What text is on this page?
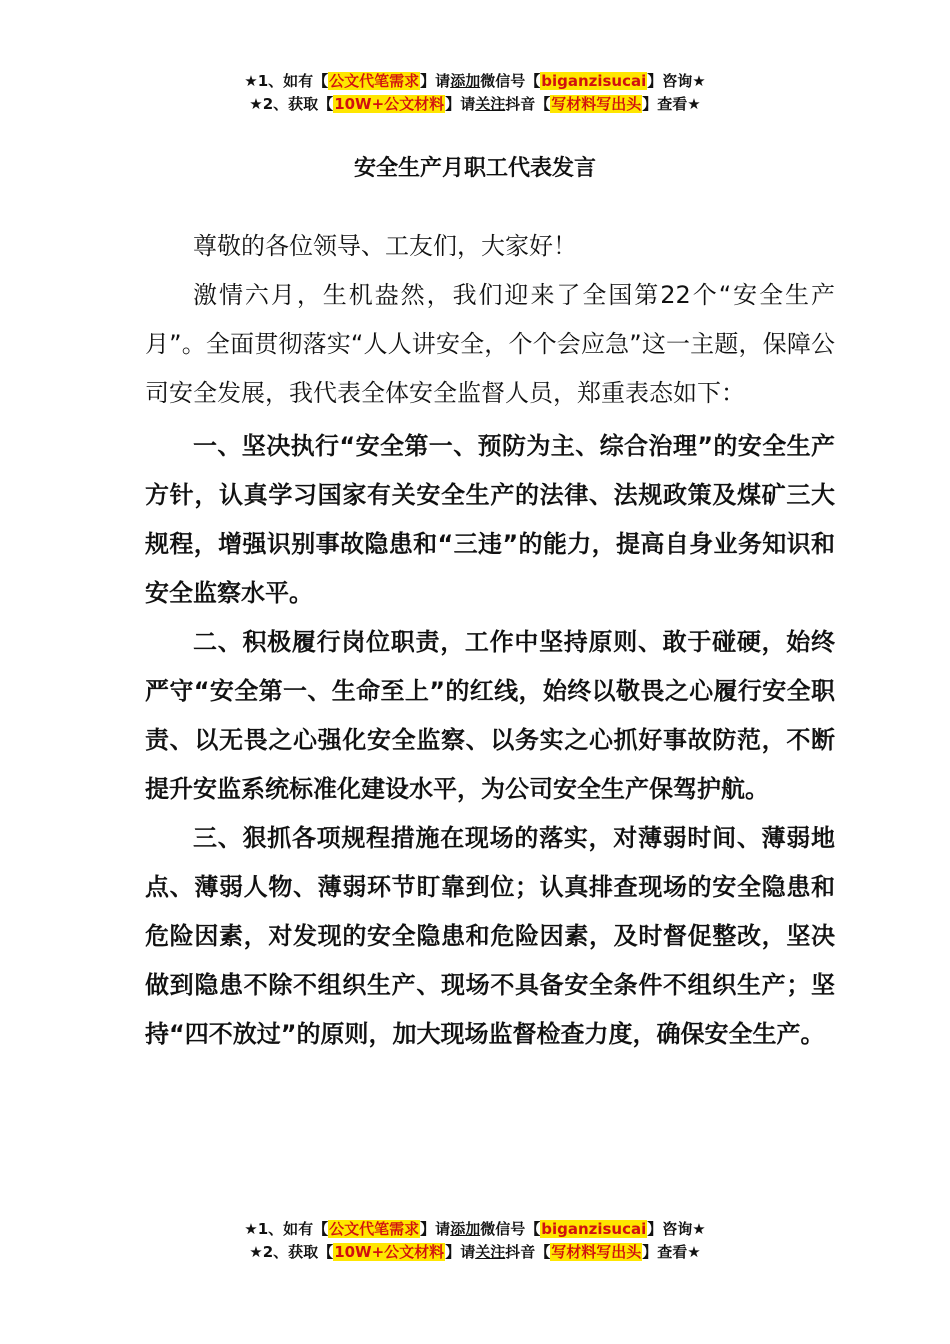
★1、如有【公文代笔需求】请添加微信号【biganzisucai】咨询★
★2、获取【10W+公文材料】请关注抖音【写材料写出头】查看★
安全生产月职工代表发言

尊敬的各位领导、工友们，大家好！

激情六月，生机盎然，我们迎来了全国第22个“安全生产月”。全面贯彻落实“人人讲安全，个个会应急”这一主题，保障公司安全发展，我代表全体安全监督人员，郑重表态如下：

一、坚决执行“安全第一、预防为主、综合治理”的安全生产方针，认真学习国家有关安全生产的法律、法规政策及煤矿三大规程，增强识别事故隐患和“三违”的能力，提高自身业务知识和安全监察水平。

二、积极履行岗位职责，工作中坚持原则、敢于碰硬，始终严守“安全第一、生命至上”的红线，始终以敬畏之心履行安全职责、以无畏之心强化安全监察、以务实之心抓好事故防范，不断提升安监系统标准化建设水平，为公司安全生产保驾护航。

三、狠抓各项规程措施在现场的落实，对薄弱时间、薄弱地点、薄弱人物、薄弱环节盯靠到位；认真排查现场的安全隐患和危险因素，对发现的安全隐患和危险因素，及时督促整改，坚决做到隐患不除不组织生产、现场不具备安全条件不组织生产；坚持“四不放过”的原则，加大现场监督检查力度，确保安全生产。

★1、如有【公文代笔需求】请添加微信号【biganzisucai】咨询★
★2、获取【10W+公文材料】请关注抖音【写材料写出头】查看★
